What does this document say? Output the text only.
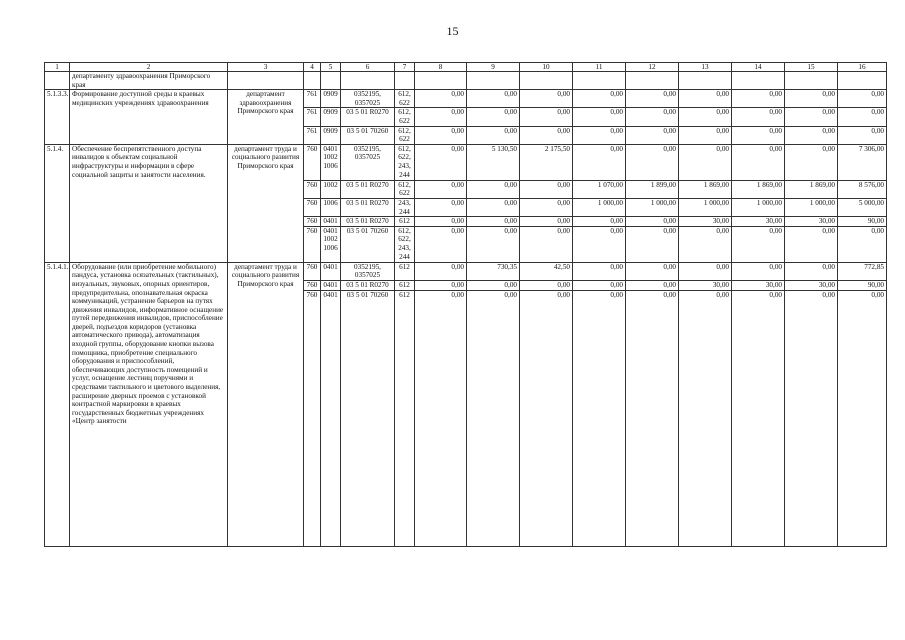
15
1	2	3	4	5	6	7	8	9	10	11	12	13	14	15	16
	департаменту здравоохранения Приморского края														
5.1.3.3.	Формирование доступной среды в краевых медицинских учреждениях здравоохранения	департамент здравоохранения Приморского края	761	0909	0352195, 0357025	612, 622	0,00	0,00	0,00	0,00	0,00	0,00	0,00	0,00	0,00
			761	0909	03 5 01 R0270	612, 622	0,00	0,00	0,00	0,00	0,00	0,00	0,00	0,00	0,00
			761	0909	03 5 01 70260	612, 622	0,00	0,00	0,00	0,00	0,00	0,00	0,00	0,00	0,00
5.1.4.	Обеспечение беспрепятственного доступа инвалидов к объектам социальной инфраструктуры и информации в сфере социальной защиты и занятости населения.	департамент труда и социального развития Приморского края	760	0401 1002 1006	0352195, 0357025	612, 622, 243, 244	0,00	5 130,50	2 175,50	0,00	0,00	0,00	0,00	0,00	7 306,00
			760	1002	03 5 01 R0270	612, 622	0,00	0,00	0,00	1 070,00	1 899,00	1 869,00	1 869,00	1 869,00	8 576,00
			760	1006	03 5 01 R0270	243, 244	0,00	0,00	0,00	1 000,00	1 000,00	1 000,00	1 000,00	1 000,00	5 000,00
			760	0401	03 5 01 R0270	612	0,00	0,00	0,00	0,00	0,00	30,00	30,00	30,00	90,00
			760	0401 1002 1006	03 5 01 70260	612, 622, 243, 244	0,00	0,00	0,00	0,00	0,00	0,00	0,00	0,00	0,00
5.1.4.1.	Оборудование (или приобретение мобильного) пандуса, установка осязательных (тактильных), визуальных, звуковых, опорных ориентиров, предупредительна, опознавательная окраска коммуникаций, устранение барьеров на путях движения инвалидов, информативное оснащение путей передвижения инвалидов, приспособление дверей, подъездов коридоров (установка автоматического привода), автоматизация входной группы, оборудование кнопки вызова помощника, приобретение специального оборудования и приспособлений, обеспечивающих доступность помещений и услуг, оснащение лестниц поручнями и средствами тактильного и цветового выделения, расширение дверных проемов с установкой контрастной маркировки в краевых государственных бюджетных учреждениях «Центр занятости	департамент труда и социального развития Приморского края	760	0401	0352195, 0357025	612	0,00	730,35	42,50	0,00	0,00	0,00	0,00	0,00	772,85
			760	0401	03 5 01 R0270	612	0,00	0,00	0,00	0,00	0,00	30,00	30,00	30,00	90,00
			760	0401	03 5 01 70260	612	0,00	0,00	0,00	0,00	0,00	0,00	0,00	0,00	0,00
